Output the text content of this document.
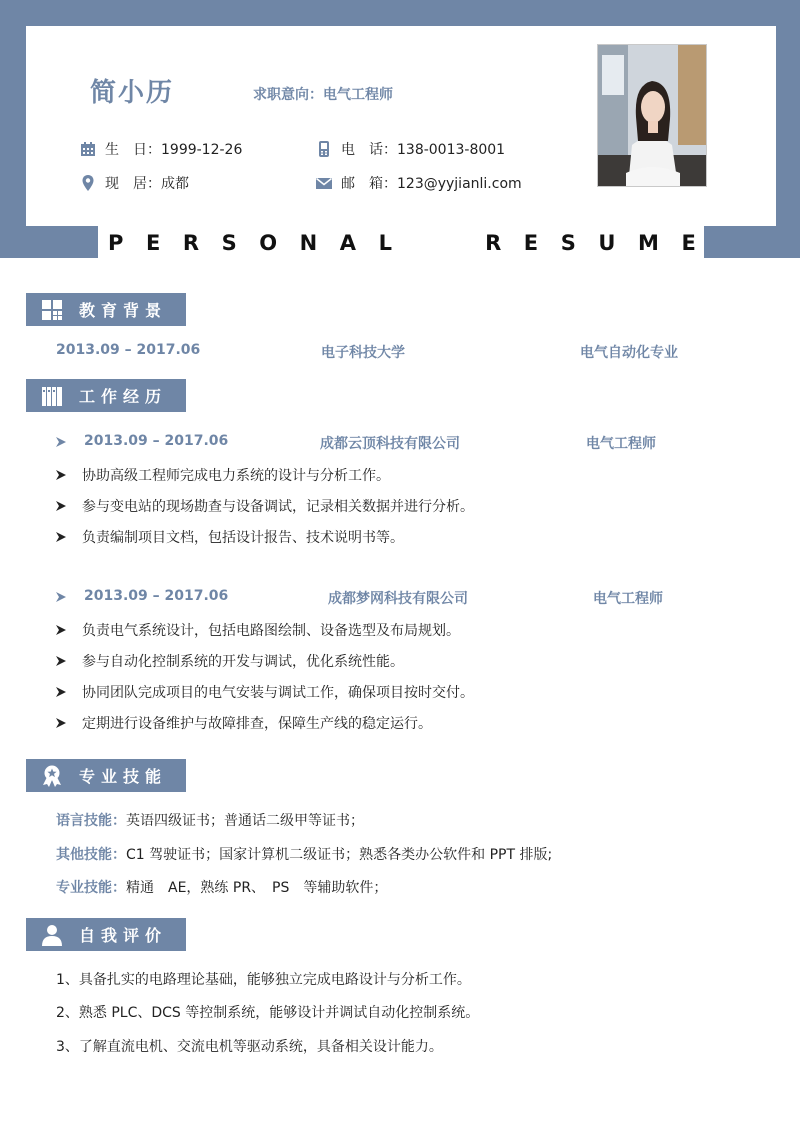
简小历	求职意向：电气工程师
生　日：1999-12-26	电　话：138-0013-8001
现　居：成都	邮　箱：123@yyjianli.com
P E R S O N A L	R E S U M E
教育背景
2013.09 – 2017.06	电子科技大学	电气自动化专业
工作经历
2013.09 – 2017.06	成都云顶科技有限公司	电气工程师
协助高级工程师完成电力系统的设计与分析工作。
参与变电站的现场勘查与设备调试，记录相关数据并进行分析。
负责编制项目文档，包括设计报告、技术说明书等。
2013.09 – 2017.06	成都梦网科技有限公司	电气工程师
负责电气系统设计，包括电路图绘制、设备选型及布局规划。
参与自动化控制系统的开发与调试，优化系统性能。
协同团队完成项目的电气安装与调试工作，确保项目按时交付。
定期进行设备维护与故障排查，保障生产线的稳定运行。
专业技能
语言技能：英语四级证书；普通话二级甲等证书；
其他技能：C1 驾驶证书；国家计算机二级证书；熟悉各类办公软件和 PPT 排版;
专业技能：精通　AE，熟练 PR、　PS　等辅助软件；
自我评价
1、具备扎实的电路理论基础，能够独立完成电路设计与分析工作。
2、熟悉 PLC、DCS 等控制系统，能够设计并调试自动化控制系统。
3、了解直流电机、交流电机等驱动系统，具备相关设计能力。
